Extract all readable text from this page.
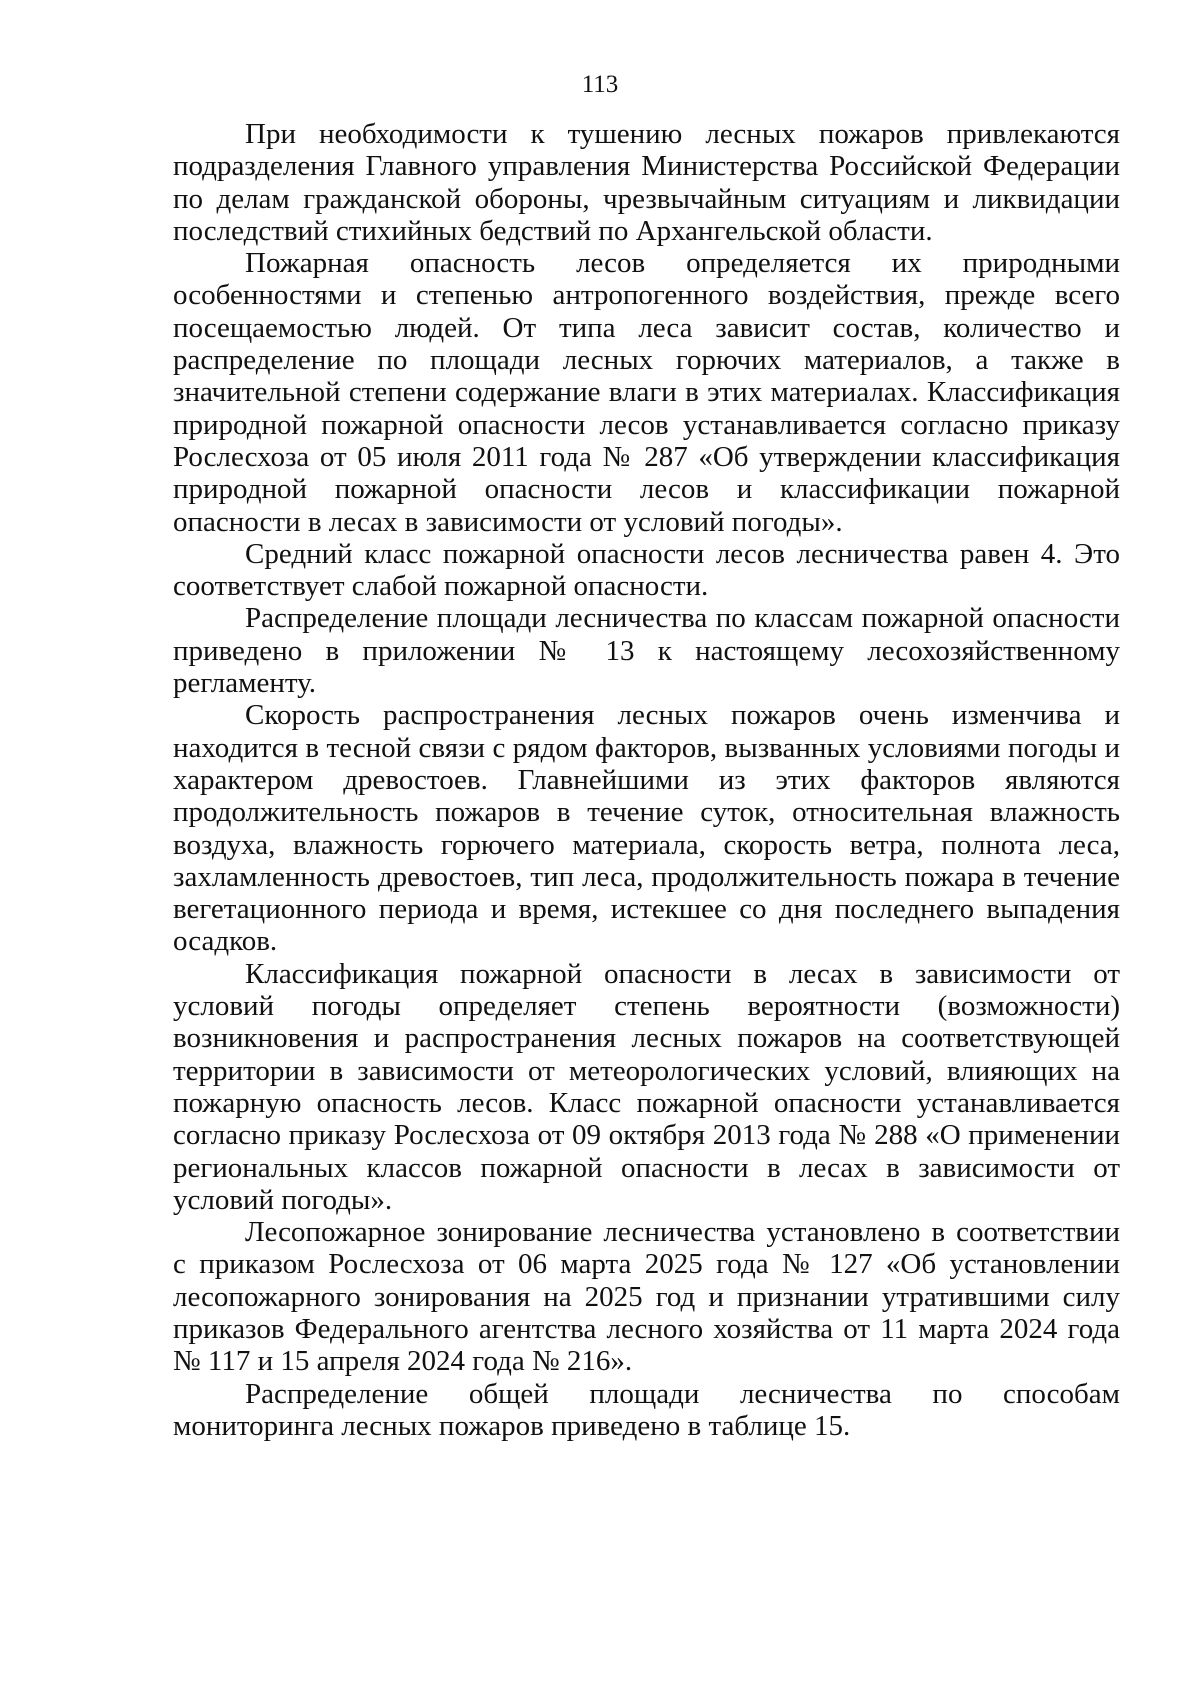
113

При необходимости к тушению лесных пожаров привлекаются подразделения Главного управления Министерства Российской Федерации по делам гражданской обороны, чрезвычайным ситуациям и ликвидации последствий стихийных бедствий по Архангельской области.

Пожарная опасность лесов определяется их природными особенностями и степенью антропогенного воздействия, прежде всего посещаемостью людей. От типа леса зависит состав, количество и распределение по площади лесных горючих материалов, а также в значительной степени содержание влаги в этих материалах. Классификация природной пожарной опасности лесов устанавливается согласно приказу Рослесхоза от 05 июля 2011 года № 287 «Об утверждении классификация природной пожарной опасности лесов и классификации пожарной опасности в лесах в зависимости от условий погоды».

Средний класс пожарной опасности лесов лесничества равен 4. Это соответствует слабой пожарной опасности.

Распределение площади лесничества по классам пожарной опасности приведено в приложении № 13 к настоящему лесохозяйственному регламенту.

Скорость распространения лесных пожаров очень изменчива и находится в тесной связи с рядом факторов, вызванных условиями погоды и характером древостоев. Главнейшими из этих факторов являются продолжительность пожаров в течение суток, относительная влажность воздуха, влажность горючего материала, скорость ветра, полнота леса, захламленность древостоев, тип леса, продолжительность пожара в течение вегетационного периода и время, истекшее со дня последнего выпадения осадков.

Классификация пожарной опасности в лесах в зависимости от условий погоды определяет степень вероятности (возможности) возникновения и распространения лесных пожаров на соответствующей территории в зависимости от метеорологических условий, влияющих на пожарную опасность лесов. Класс пожарной опасности устанавливается согласно приказу Рослесхоза от 09 октября 2013 года № 288 «О применении региональных классов пожарной опасности в лесах в зависимости от условий погоды».

Лесопожарное зонирование лесничества установлено в соответствии с приказом Рослесхоза от 06 марта 2025 года № 127 «Об установлении лесопожарного зонирования на 2025 год и признании утратившими силу приказов Федерального агентства лесного хозяйства от 11 марта 2024 года № 117 и 15 апреля 2024 года № 216».

Распределение общей площади лесничества по способам мониторинга лесных пожаров приведено в таблице 15.
